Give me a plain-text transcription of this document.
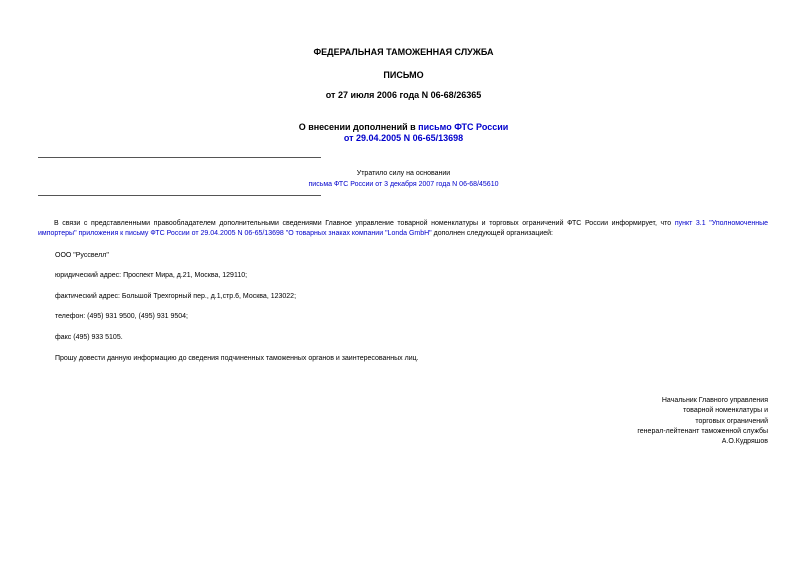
ФЕДЕРАЛЬНАЯ ТАМОЖЕННАЯ СЛУЖБА
ПИСЬМО
от 27 июля 2006 года N 06-68/26365
О внесении дополнений в письмо ФТС России
от 29.04.2005 N 06-65/13698
Утратило силу на основании
письма ФТС России от 3 декабря 2007 года N 06-68/45610
В связи с представленными правообладателем дополнительными сведениями Главное управление товарной номенклатуры и торговых ограничений ФТС России информирует, что пункт 3.1 "Уполномоченные импортеры" приложения к письму ФТС России от 29.04.2005 N 06-65/13698 "О товарных знаках компании "Londa GmbH" дополнен следующей организацией:
ООО "Руссвелл"
юридический адрес: Проспект Мира, д.21, Москва, 129110;
фактический адрес: Большой Трехгорный пер., д.1,стр.6, Москва, 123022;
телефон: (495) 931 9500, (495) 931 9504;
факс (495) 933 5105.
Прошу довести данную информацию до сведения подчиненных таможенных органов и заинтересованных лиц.
Начальник Главного управления
товарной номенклатуры и
торговых ограничений
генерал-лейтенант таможенной службы
А.О.Кудряшов
